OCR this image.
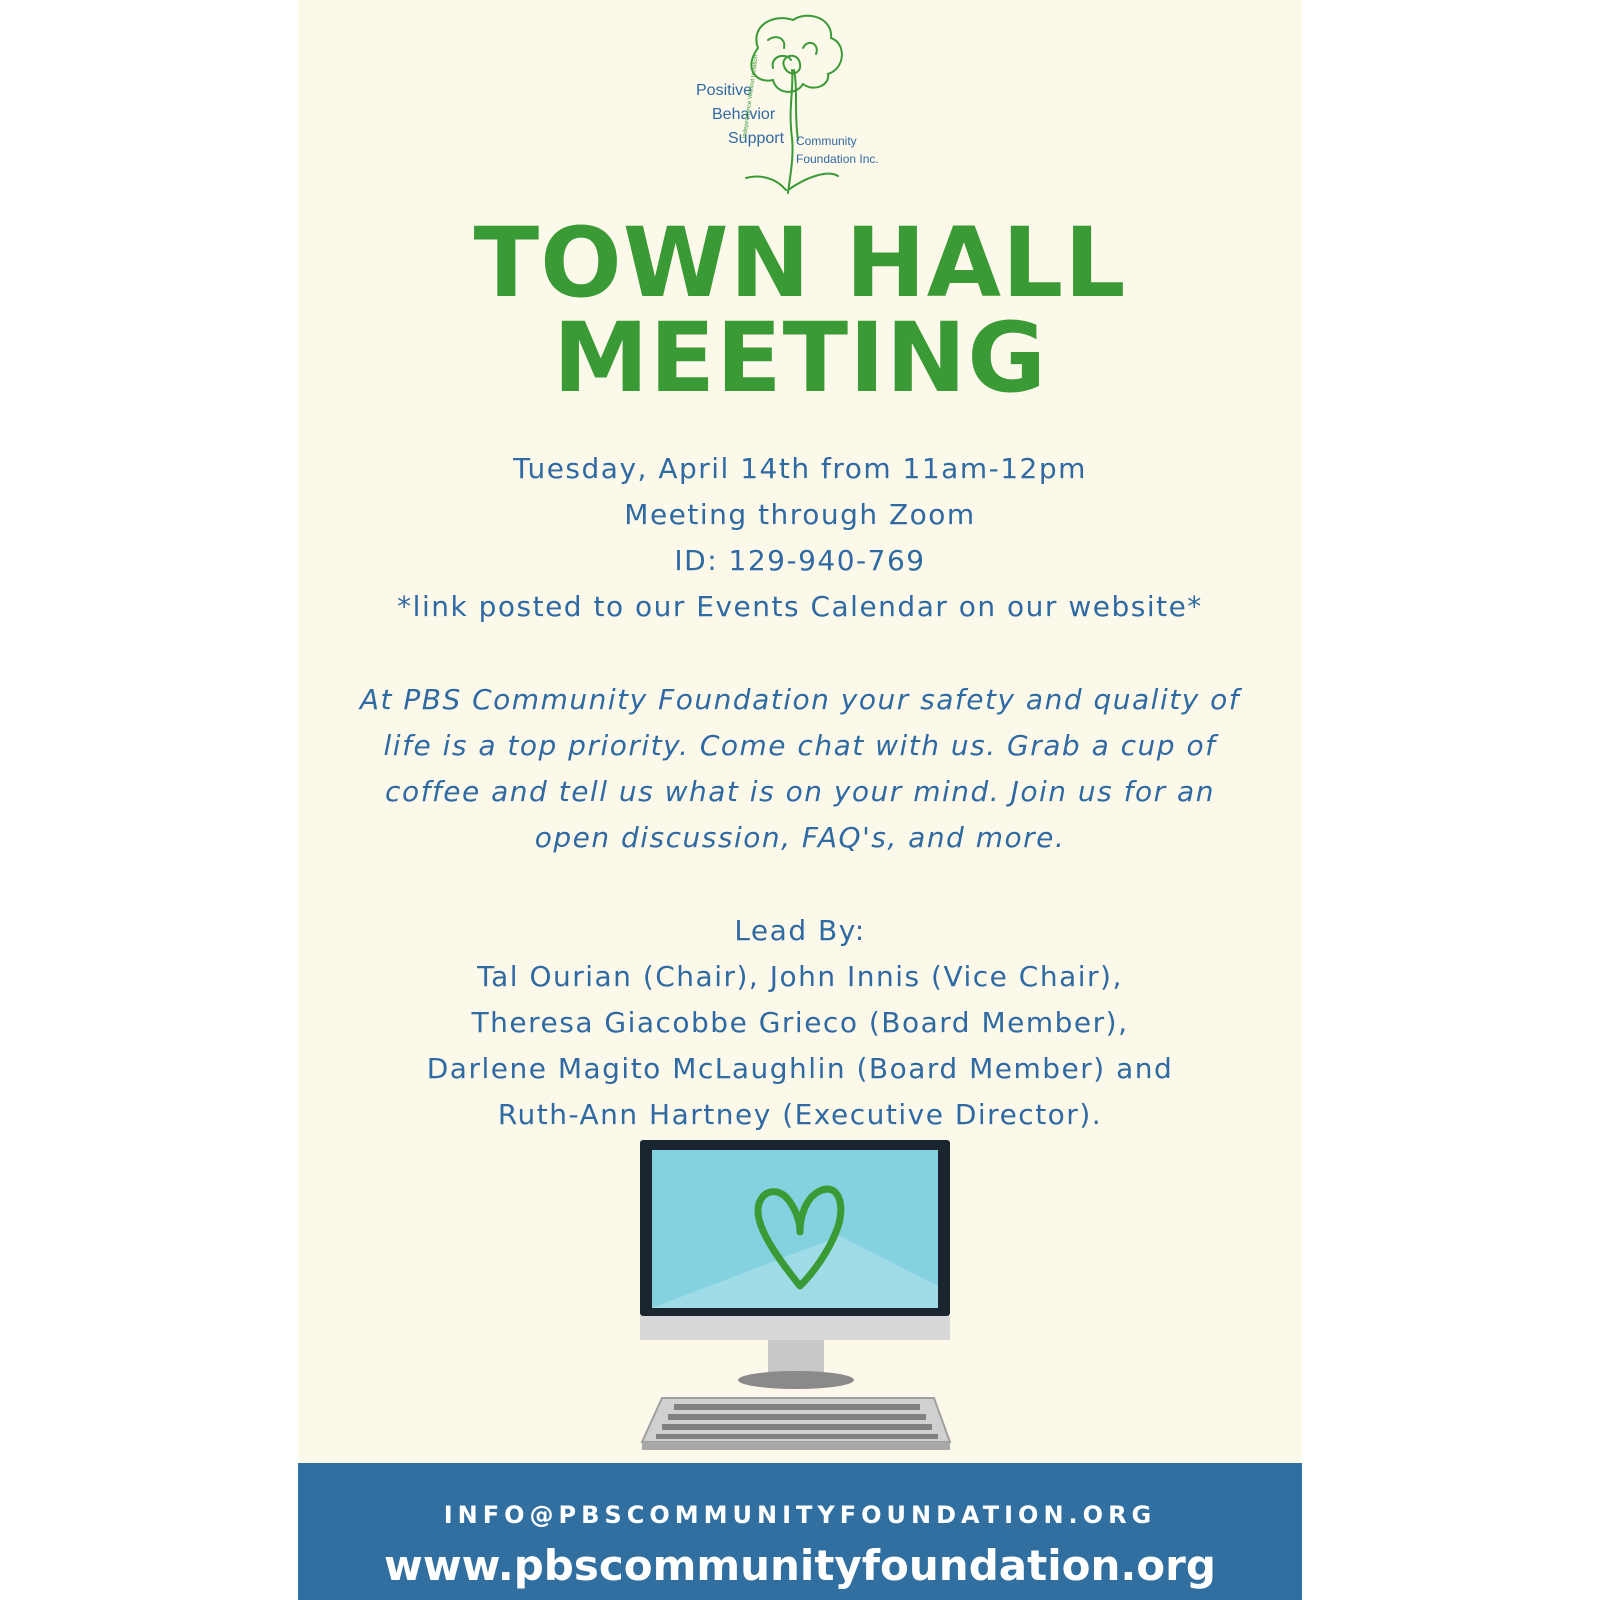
Positive
Behavior
Support Community
Foundation Inc.
Independence Without Isolation
TOWN HALL
MEETING
Tuesday, April 14th from 11am-12pm
Meeting through Zoom
ID: 129-940-769
*link posted to our Events Calendar on our website*
At PBS Community Foundation your safety and quality of
life is a top priority. Come chat with us. Grab a cup of
coffee and tell us what is on your mind. Join us for an
open discussion, FAQ's, and more.
Lead By:
Tal Ourian (Chair), John Innis (Vice Chair),
Theresa Giacobbe Grieco (Board Member),
Darlene Magito McLaughlin (Board Member) and
Ruth-Ann Hartney (Executive Director).
INFO@PBSCOMMUNITYFOUNDATION.ORG
www.pbscommunityfoundation.org
